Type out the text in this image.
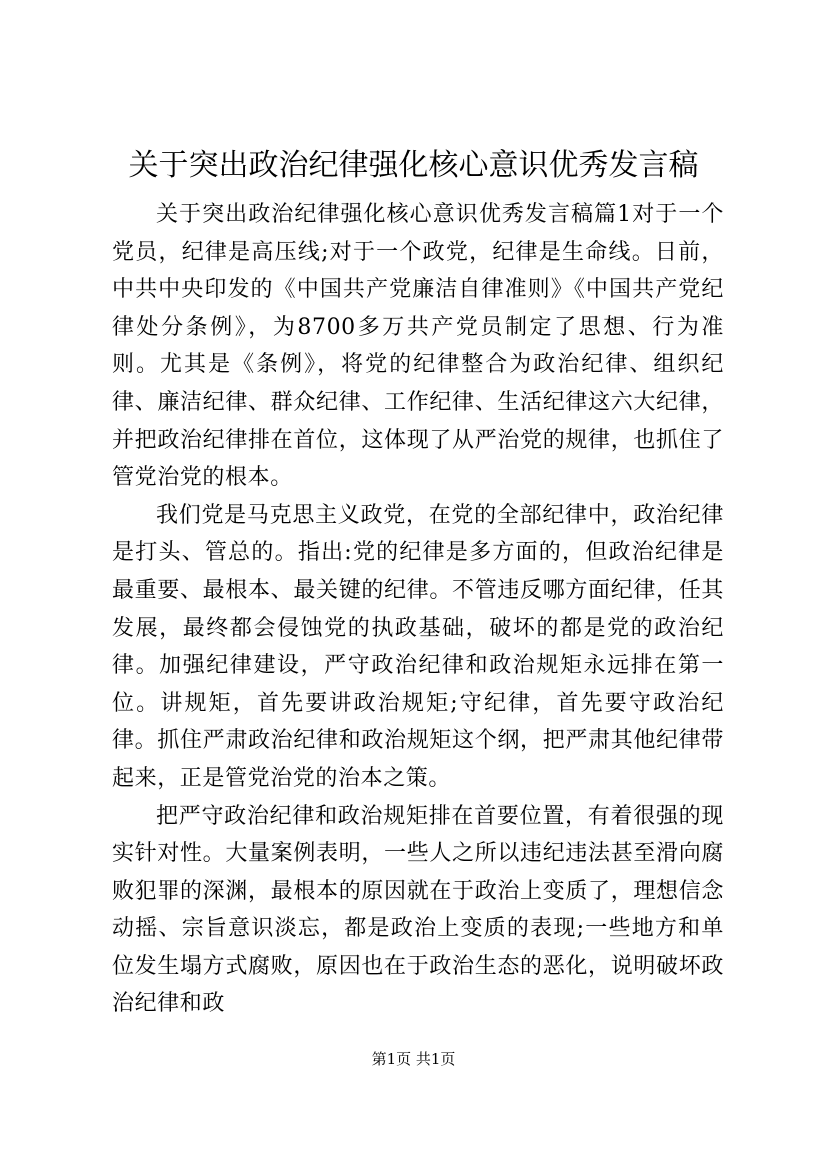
关于突出政治纪律强化核心意识优秀发言稿

关于突出政治纪律强化核心意识优秀发言稿篇1对于一个党员，纪律是高压线;对于一个政党，纪律是生命线。日前，中共中央印发的《中国共产党廉洁自律准则》《中国共产党纪律处分条例》，为8700多万共产党员制定了思想、行为准则。尤其是《条例》，将党的纪律整合为政治纪律、组织纪律、廉洁纪律、群众纪律、工作纪律、生活纪律这六大纪律，并把政治纪律排在首位，这体现了从严治党的规律，也抓住了管党治党的根本。

我们党是马克思主义政党，在党的全部纪律中，政治纪律是打头、管总的。指出:党的纪律是多方面的，但政治纪律是最重要、最根本、最关键的纪律。不管违反哪方面纪律，任其发展，最终都会侵蚀党的执政基础，破坏的都是党的政治纪律。加强纪律建设，严守政治纪律和政治规矩永远排在第一位。讲规矩，首先要讲政治规矩;守纪律，首先要守政治纪律。抓住严肃政治纪律和政治规矩这个纲，把严肃其他纪律带起来，正是管党治党的治本之策。

把严守政治纪律和政治规矩排在首要位置，有着很强的现实针对性。大量案例表明，一些人之所以违纪违法甚至滑向腐败犯罪的深渊，最根本的原因就在于政治上变质了，理想信念动摇、宗旨意识淡忘，都是政治上变质的表现;一些地方和单位发生塌方式腐败，原因也在于政治生态的恶化，说明破坏政治纪律和政

第1页 共1页
